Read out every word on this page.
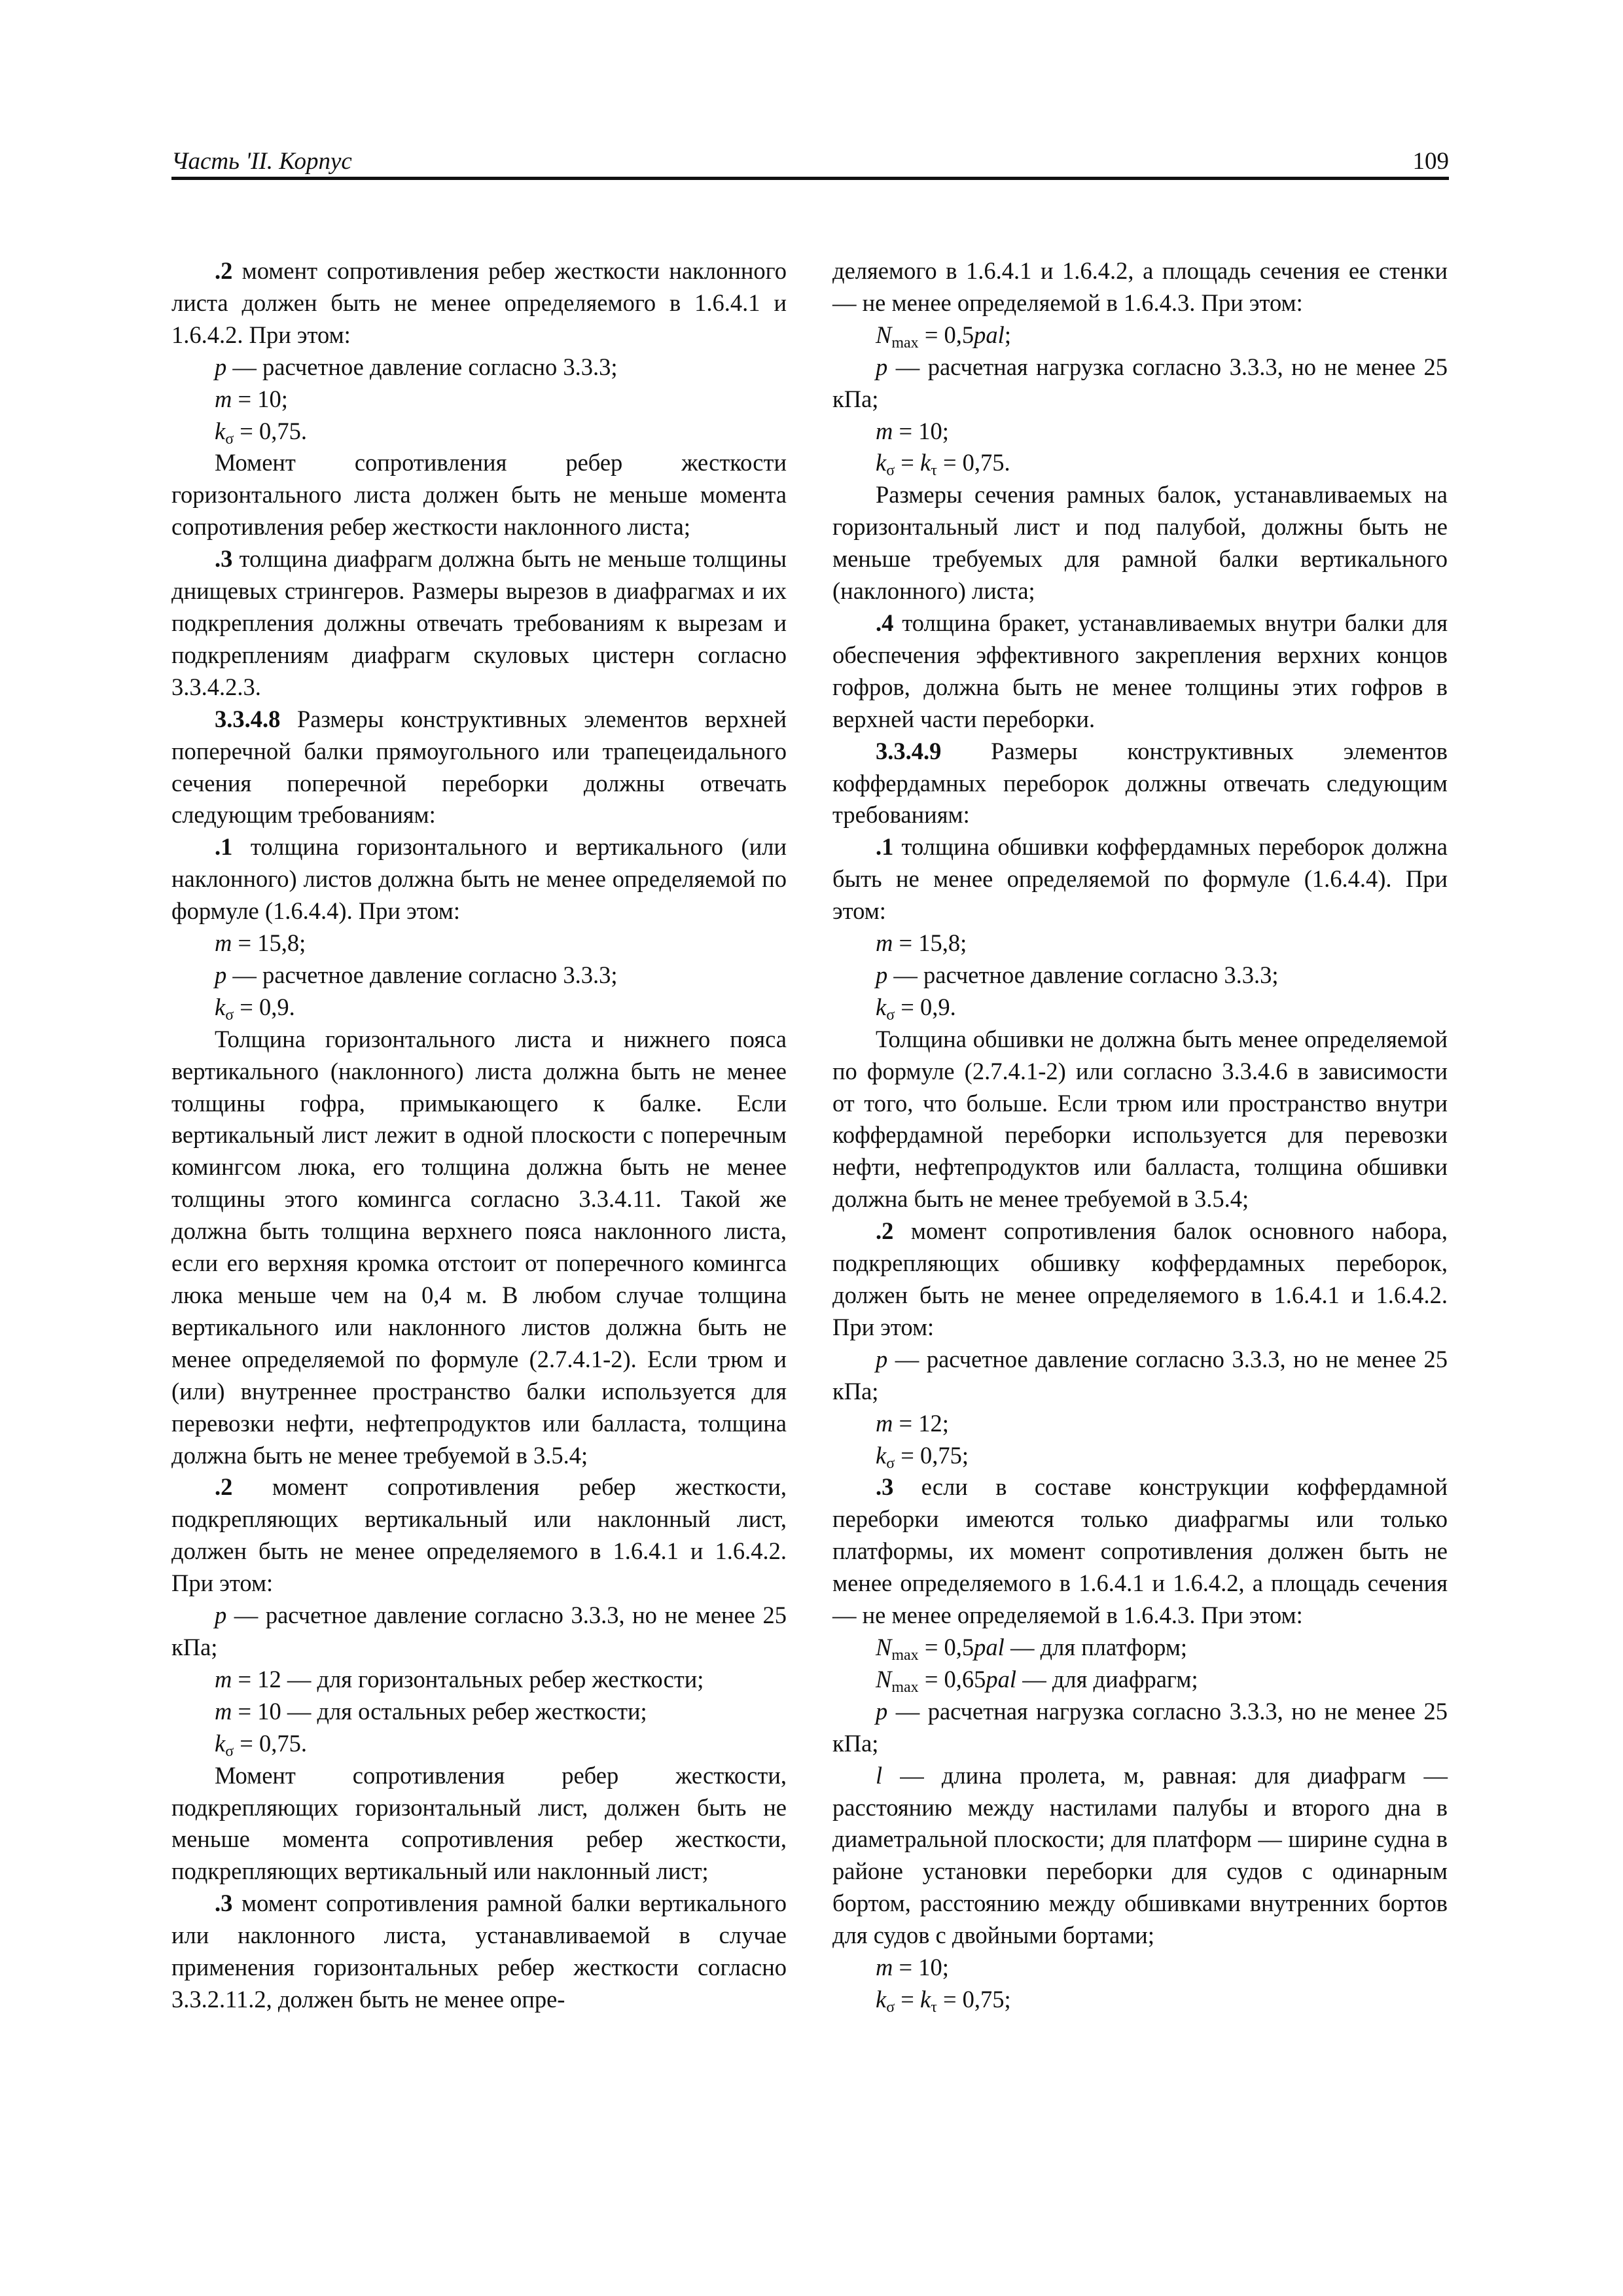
Часть 'II. Корпус	109

.2 момент сопротивления ребер жесткости наклонного листа должен быть не менее определяемого в 1.6.4.1 и 1.6.4.2. При этом:

p — расчетное давление согласно 3.3.3;

m = 10;

$k_\sigma = 0,75$.

Момент сопротивления ребер жесткости горизонтального листа должен быть не меньше момента сопротивления ребер жесткости наклонного листа;

.3 толщина диафрагм должна быть не меньше толщины днищевых стрингеров. Размеры вырезов в диафрагмах и их подкрепления должны отвечать требованиям к вырезам и подкреплениям диафрагм скуловых цистерн согласно 3.3.4.2.3.

3.3.4.8 Размеры конструктивных элементов верхней поперечной балки прямоугольного или трапецеидального сечения поперечной переборки должны отвечать следующим требованиям:

.1 толщина горизонтального и вертикального (или наклонного) листов должна быть не менее определяемой по формуле (1.6.4.4). При этом:

m = 15,8;

p — расчетное давление согласно 3.3.3;

$k_\sigma = 0,9$.

Толщина горизонтального листа и нижнего пояса вертикального (наклонного) листа должна быть не менее толщины гофра, примыкающего к балке. Если вертикальный лист лежит в одной плоскости с поперечным комингсом люка, его толщина должна быть не менее толщины этого комингса согласно 3.3.4.11. Такой же должна быть толщина верхнего пояса наклонного листа, если его верхняя кромка отстоит от поперечного комингса люка меньше чем на 0,4 м. В любом случае толщина вертикального или наклонного листов должна быть не менее определяемой по формуле (2.7.4.1-2). Если трюм и (или) внутреннее пространство балки используется для перевозки нефти, нефтепродуктов или балласта, толщина должна быть не менее требуемой в 3.5.4;

.2 момент сопротивления ребер жесткости, подкрепляющих вертикальный или наклонный лист, должен быть не менее определяемого в 1.6.4.1 и 1.6.4.2. При этом:

p — расчетное давление согласно 3.3.3, но не менее 25 кПа;

m = 12 — для горизонтальных ребер жесткости;

m = 10 — для остальных ребер жесткости;

$k_\sigma = 0,75$.

Момент сопротивления ребер жесткости, подкрепляющих горизонтальный лист, должен быть не меньше момента сопротивления ребер жесткости, подкрепляющих вертикальный или наклонный лист;

.3 момент сопротивления рамной балки вертикального или наклонного листа, устанавливаемой в случае применения горизонтальных ребер жесткости согласно 3.3.2.11.2, должен быть не менее опре-

деляемого в 1.6.4.1 и 1.6.4.2, а площадь сечения ее стенки — не менее определяемой в 1.6.4.3. При этом:

$N_{max} = 0,5pal$;

p — расчетная нагрузка согласно 3.3.3, но не менее 25 кПа;

m = 10;

$k_\sigma = k_\tau = 0,75$.

Размеры сечения рамных балок, устанавливаемых на горизонтальный лист и под палубой, должны быть не меньше требуемых для рамной балки вертикального (наклонного) листа;

.4 толщина бракет, устанавливаемых внутри балки для обеспечения эффективного закрепления верхних концов гофров, должна быть не менее толщины этих гофров в верхней части переборки.

3.3.4.9 Размеры конструктивных элементов коффердамных переборок должны отвечать следующим требованиям:

.1 толщина обшивки коффердамных переборок должна быть не менее определяемой по формуле (1.6.4.4). При этом:

m = 15,8;

p — расчетное давление согласно 3.3.3;

$k_\sigma = 0,9$.

Толщина обшивки не должна быть менее определяемой по формуле (2.7.4.1-2) или согласно 3.3.4.6 в зависимости от того, что больше. Если трюм или пространство внутри коффердамной переборки используется для перевозки нефти, нефтепродуктов или балласта, толщина обшивки должна быть не менее требуемой в 3.5.4;

.2 момент сопротивления балок основного набора, подкрепляющих обшивку коффердамных переборок, должен быть не менее определяемого в 1.6.4.1 и 1.6.4.2. При этом:

p — расчетное давление согласно 3.3.3, но не менее 25 кПа;

m = 12;

$k_\sigma = 0,75$;

.3 если в составе конструкции коффердамной переборки имеются только диафрагмы или только платформы, их момент сопротивления должен быть не менее определяемого в 1.6.4.1 и 1.6.4.2, а площадь сечения — не менее определяемой в 1.6.4.3. При этом:

$N_{max} = 0,5pal$ — для платформ;

$N_{max} = 0,65pal$ — для диафрагм;

p — расчетная нагрузка согласно 3.3.3, но не менее 25 кПа;

l — длина пролета, м, равная: для диафрагм — расстоянию между настилами палубы и второго дна в диаметральной плоскости; для платформ — ширине судна в районе установки переборки для судов с одинарным бортом, расстоянию между обшивками внутренних бортов для судов с двойными бортами;

m = 10;

$k_\sigma = k_\tau = 0,75$;
